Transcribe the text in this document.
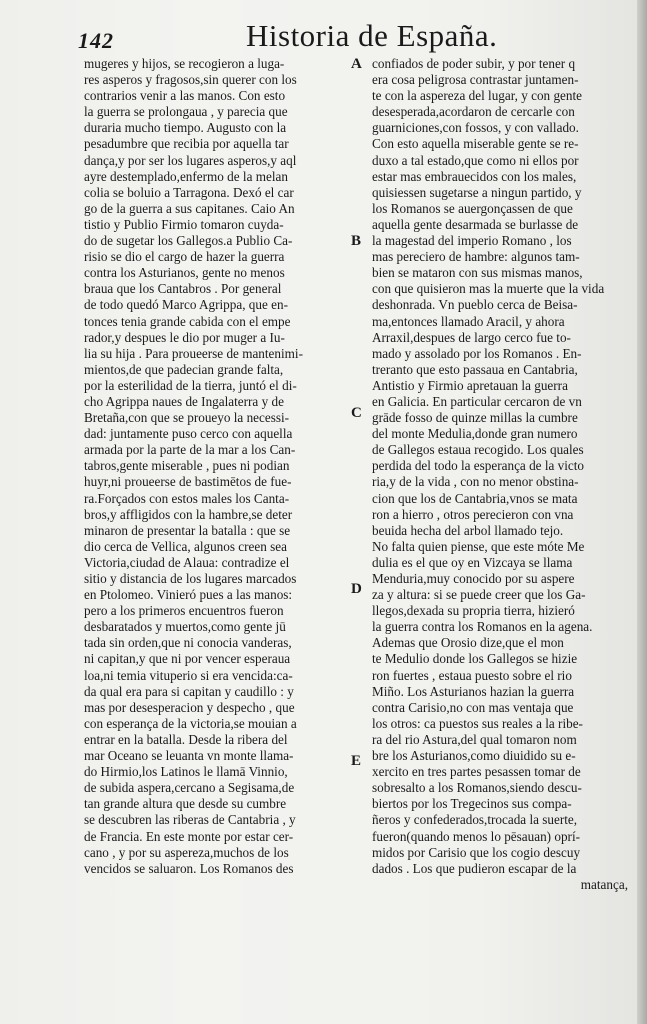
142	Historia de España.
mugeres y hijos, se recogieron a luga-
res asperos y fragosos,sin querer con los
contrarios venir a las manos. Con esto
la guerra se prolongaua , y parecia que
duraria mucho tiempo. Augusto con la
pesadumbre que recibia por aquella tar
dança,y por ser los lugares asperos,y aql
ayre destemplado,enfermo de la melan
colia se boluio a Tarragona. Dexó el car
go de la guerra a sus capitanes. Caio An
tistio y Publio Firmio tomaron cuyda-
do de sugetar los Gallegos.a Publio Ca-
risio se dio el cargo de hazer la guerra
contra los Asturianos, gente no menos
braua que los Cantabros . Por general
de todo quedó Marco Agrippa, que en-
tonces tenia grande cabida con el empe
rador,y despues le dio por muger a Iu-
lia su hija . Para proueerse de mantenimi-
mientos,de que padecian grande falta,
por la esterilidad de la tierra, juntó el di-
cho Agrippa naues de Ingalaterra y de
Bretaña,con que se proueyo la necessi-
dad: juntamente puso cerco con aquella
armada por la parte de la mar a los Can-
tabros,gente miserable , pues ni podian
huyr,ni proueerse de bastimētos de fue-
ra.Forçados con estos males los Canta-
bros,y affligidos con la hambre,se deter
minaron de presentar la batalla : que se
dio cerca de Vellica, algunos creen sea
Victoria,ciudad de Alaua: contradize el
sitio y distancia de los lugares marcados
en Ptolomeo. Vinieró pues a las manos:
pero a los primeros encuentros fueron
desbaratados y muertos,como gente jū
tada sin orden,que ni conocia vanderas,
ni capitan,y que ni por vencer esperaua
loa,ni temia vituperio si era vencida:ca-
da qual era para si capitan y caudillo : y
mas por desesperacion y despecho , que
con esperança de la victoria,se mouian a
entrar en la batalla. Desde la ribera del
mar Oceano se leuanta vn monte llama-
do Hirmio,los Latinos le llamā Vinnio,
de subida aspera,cercano a Segisama,de
tan grande altura que desde su cumbre
se descubren las riberas de Cantabria , y
de Francia. En este monte por estar cer-
cano , y por su aspereza,muchos de los
vencidos se saluaron. Los Romanos des
confiados de poder subir, y por tener q
era cosa peligrosa contrastar juntamen-
te con la aspereza del lugar, y con gente
desesperada,acordaron de cercarle con
guarniciones,con fossos, y con vallado.
Con esto aquella miserable gente se re-
duxo a tal estado,que como ni ellos por
estar mas embrauecidos con los males,
quisiessen sugetarse a ningun partido, y
los Romanos se auergonçassen de que
aquella gente desarmada se burlasse de
la magestad del imperio Romano , los
mas pereciero de hambre: algunos tam-
bien se mataron con sus mismas manos,
con que quisieron mas la muerte que la vida
deshonrada. Vn pueblo cerca de Beisa-
ma,entonces llamado Aracil, y ahora
Arraxil,despues de largo cerco fue to-
mado y assolado por los Romanos . En-
treranto que esto passaua en Cantabria,
Antistio y Firmio apretauan la guerra
en Galicia. En particular cercaron de vn
grāde fosso de quinze millas la cumbre
del monte Medulia,donde gran numero
de Gallegos estaua recogido. Los quales
perdida del todo la esperança de la victo
ria,y de la vida , con no menor obstina-
cion que los de Cantabria,vnos se mata
ron a hierro , otros perecieron con vna
beuida hecha del arbol llamado tejo.
No falta quien piense, que este móte Me
dulia es el que oy en Vizcaya se llama
Menduria,muy conocido por su aspere
za y altura: si se puede creer que los Ga-
llegos,dexada su propria tierra, hizieró
la guerra contra los Romanos en la agena.
Ademas que Orosio dize,que el mon
te Medulio donde los Gallegos se hizie
ron fuertes , estaua puesto sobre el rio
Miño. Los Asturianos hazian la guerra
contra Carisio,no con mas ventaja que
los otros: ca puestos sus reales a la ribe-
ra del rio Astura,del qual tomaron nom
bre los Asturianos,como diuidido su e-
xercito en tres partes pesassen tomar de
sobresalto a los Romanos,siendo descu-
biertos por los Tregecinos sus compa-
ñeros y confederados,trocada la suerte,
fueron(quando menos lo pēsauan) oprí-
midos por Carisio que los cogio descuy
dados . Los que pudieron escapar de la
matança,
A
B
C
D
E
